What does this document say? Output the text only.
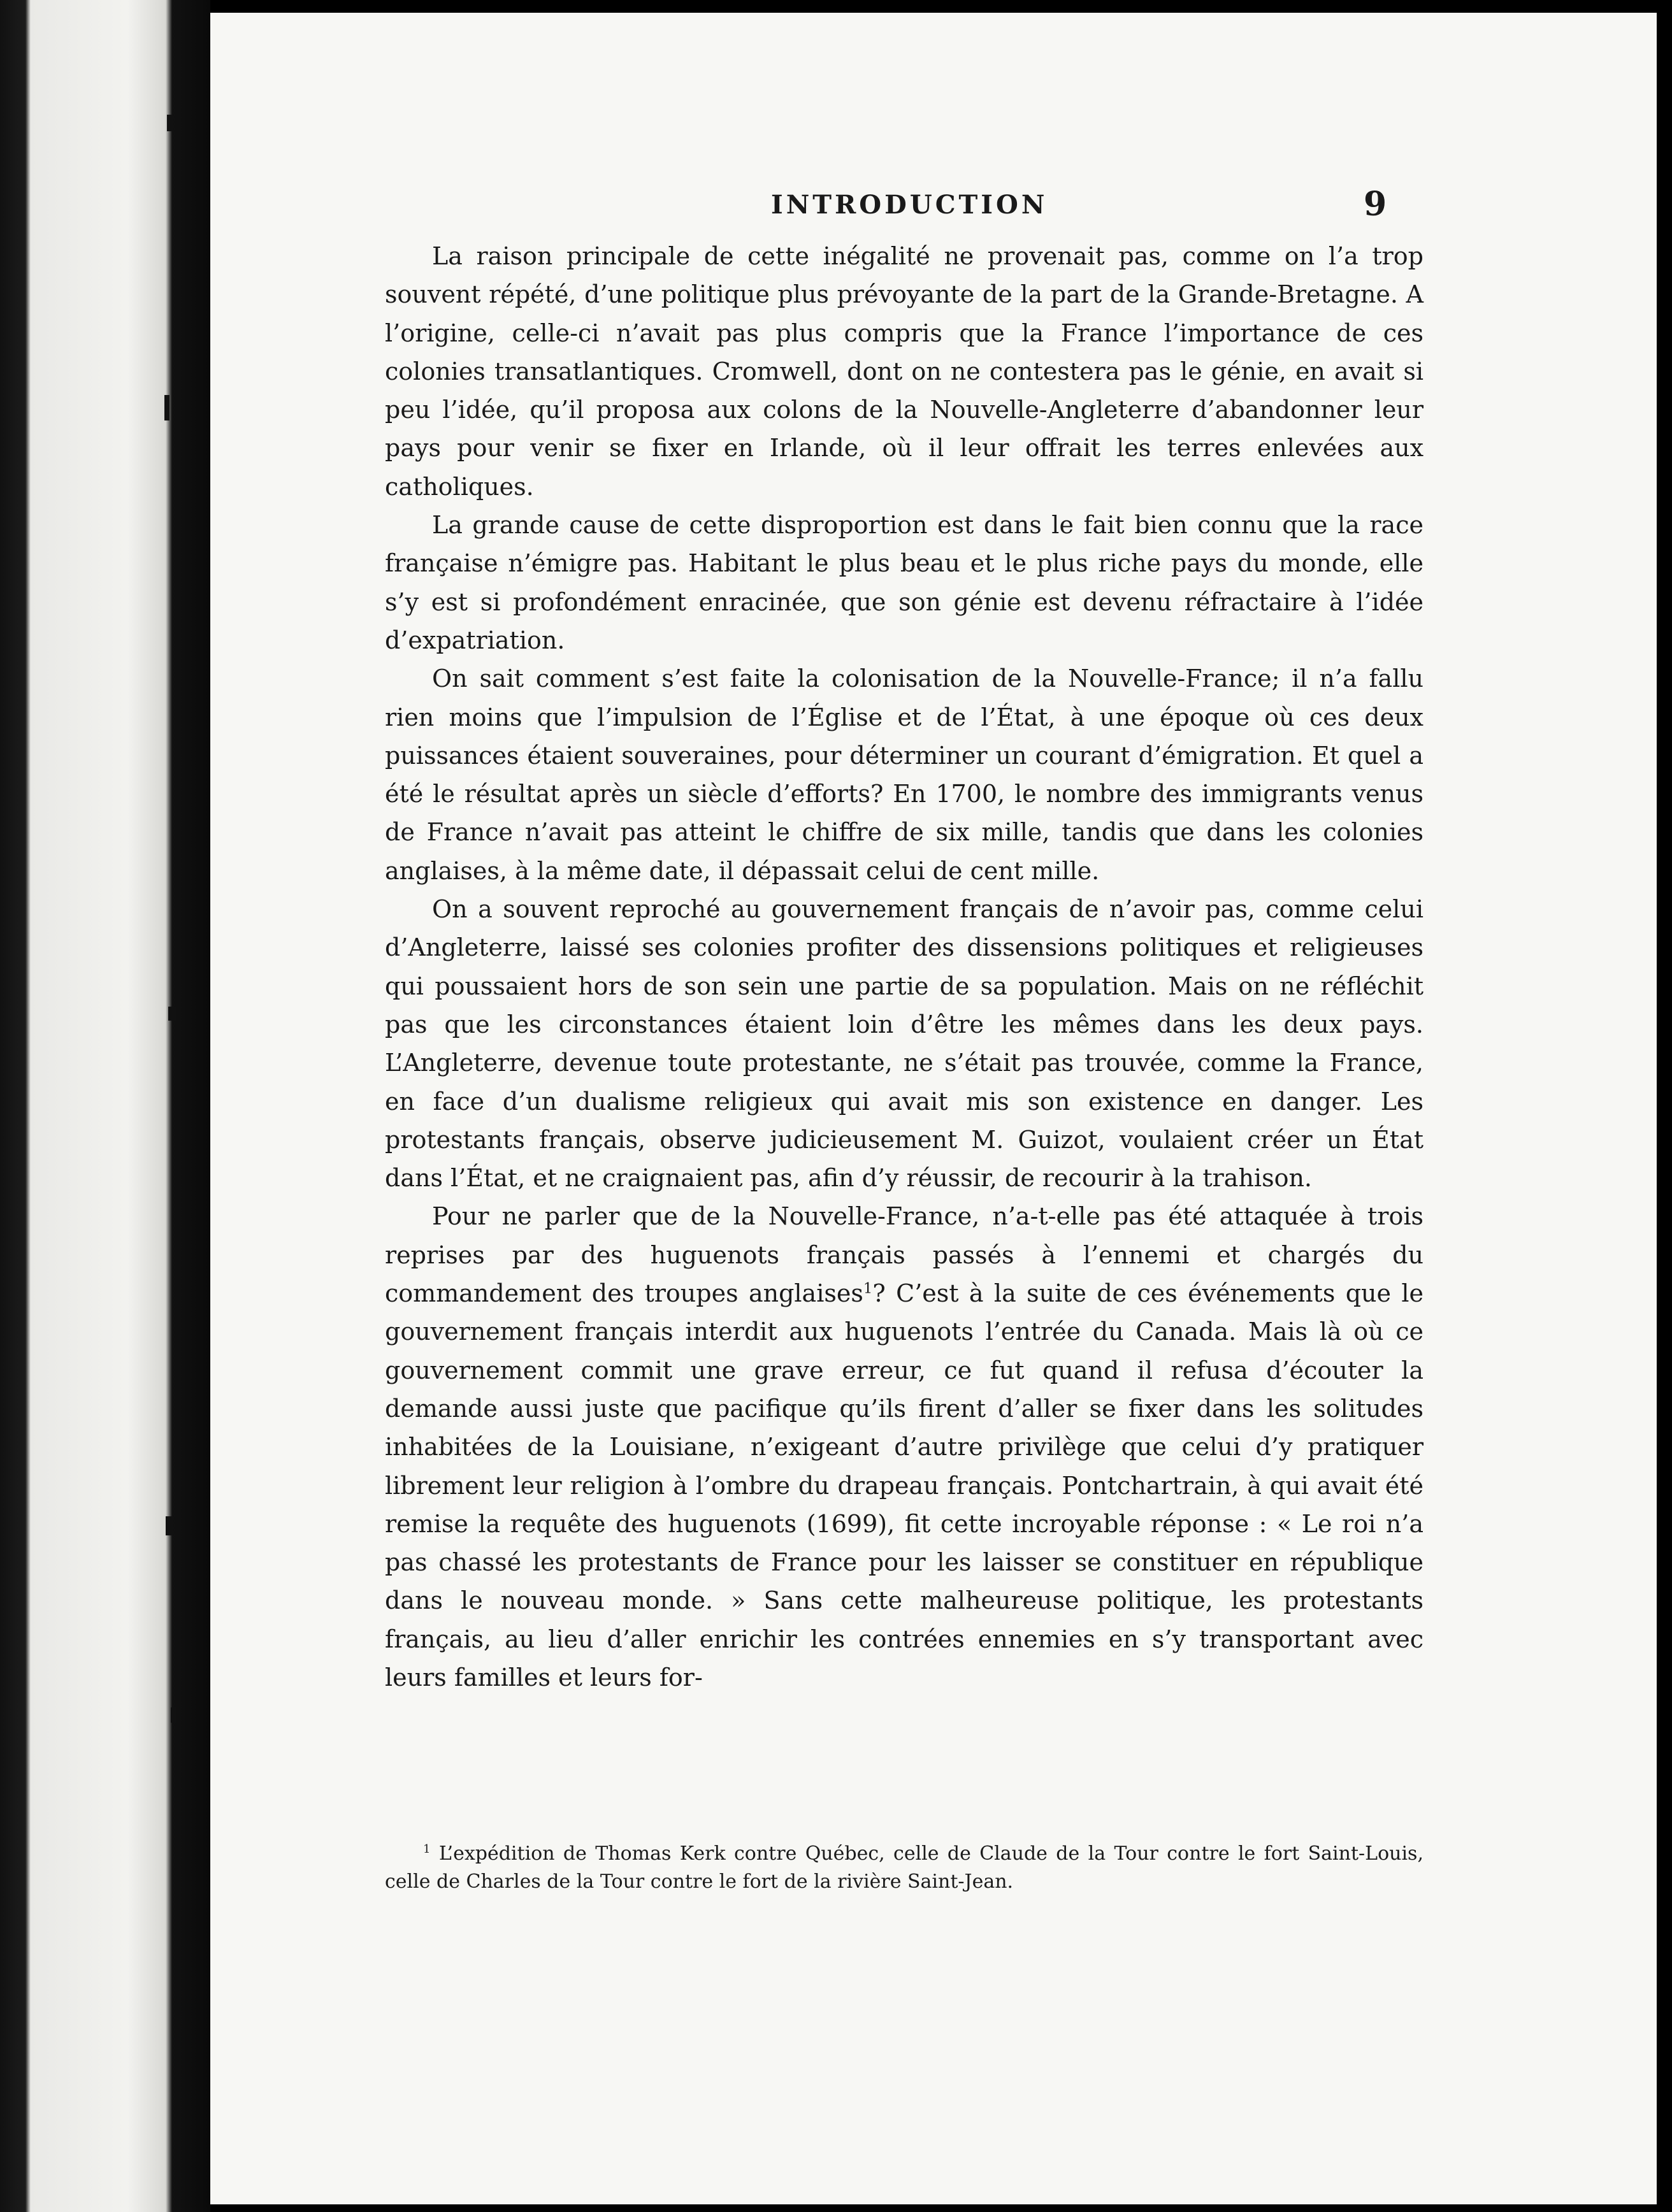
INTRODUCTION	9

La raison principale de cette inégalité ne provenait pas, comme on l’a trop souvent répété, d’une politique plus prévoyante de la part de la Grande-Bretagne. A l’origine, celle-ci n’avait pas plus compris que la France l’importance de ces colonies transatlantiques. Cromwell, dont on ne contestera pas le génie, en avait si peu l’idée, qu’il proposa aux colons de la Nouvelle-Angleterre d’abandonner leur pays pour venir se fixer en Irlande, où il leur offrait les terres enlevées aux catholiques.

La grande cause de cette disproportion est dans le fait bien connu que la race française n’émigre pas. Habitant le plus beau et le plus riche pays du monde, elle s’y est si profondément enracinée, que son génie est devenu réfractaire à l’idée d’expatriation.

On sait comment s’est faite la colonisation de la Nouvelle-France; il n’a fallu rien moins que l’impulsion de l’Église et de l’État, à une époque où ces deux puissances étaient souveraines, pour déterminer un courant d’émigration. Et quel a été le résultat après un siècle d’efforts? En 1700, le nombre des immigrants venus de France n’avait pas atteint le chiffre de six mille, tandis que dans les colonies anglaises, à la même date, il dépassait celui de cent mille.

On a souvent reproché au gouvernement français de n’avoir pas, comme celui d’Angleterre, laissé ses colonies profiter des dissensions politiques et religieuses qui poussaient hors de son sein une partie de sa population. Mais on ne réfléchit pas que les circonstances étaient loin d’être les mêmes dans les deux pays. L’Angleterre, devenue toute protestante, ne s’était pas trouvée, comme la France, en face d’un dualisme religieux qui avait mis son existence en danger. Les protestants français, observe judicieusement M. Guizot, voulaient créer un État dans l’État, et ne craignaient pas, afin d’y réussir, de recourir à la trahison.

Pour ne parler que de la Nouvelle-France, n’a-t-elle pas été attaquée à trois reprises par des huguenots français passés à l’ennemi et chargés du commandement des troupes anglaises$^1$? C’est à la suite de ces événements que le gouvernement français interdit aux huguenots l’entrée du Canada. Mais là où ce gouvernement commit une grave erreur, ce fut quand il refusa d’écouter la demande aussi juste que pacifique qu’ils firent d’aller se fixer dans les solitudes inhabitées de la Louisiane, n’exigeant d’autre privilège que celui d’y pratiquer librement leur religion à l’ombre du drapeau français. Pontchartrain, à qui avait été remise la requête des huguenots (1699), fit cette incroyable réponse : « Le roi n’a pas chassé les protestants de France pour les laisser se constituer en république dans le nouveau monde. » Sans cette malheureuse politique, les protestants français, au lieu d’aller enrichir les contrées ennemies en s’y transportant avec leurs familles et leurs for-

$^1$ L’expédition de Thomas Kerk contre Québec, celle de Claude de la Tour contre le fort Saint-Louis, celle de Charles de la Tour contre le fort de la rivière Saint-Jean.
